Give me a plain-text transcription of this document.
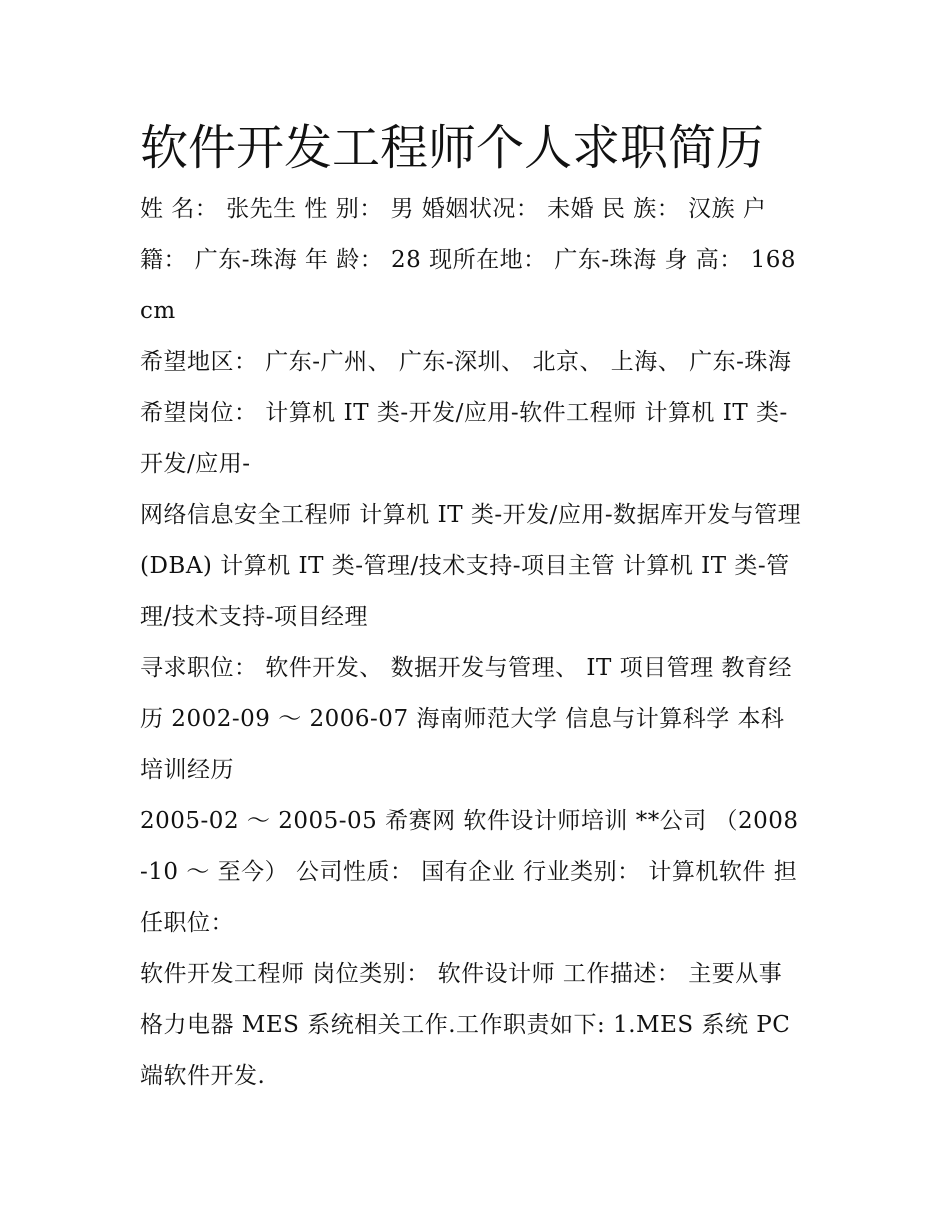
软件开发工程师个人求职简历

姓 名： 张先生 性 别： 男 婚姻状况： 未婚 民 族： 汉族 户籍： 广东-珠海 年 龄： 28 现所在地： 广东-珠海 身 高： 168cm

希望地区： 广东-广州、 广东-深圳、 北京、 上海、 广东-珠海 希望岗位： 计算机 IT 类-开发/应用-软件工程师 计算机 IT 类-开发/应用-

网络信息安全工程师 计算机 IT 类-开发/应用-数据库开发与管理(DBA) 计算机 IT 类-管理/技术支持-项目主管 计算机 IT 类-管理/技术支持-项目经理

寻求职位： 软件开发、 数据开发与管理、 IT 项目管理 教育经历 2002-09 ～ 2006-07 海南师范大学 信息与计算科学 本科 培训经历

2005-02 ～ 2005-05 希赛网 软件设计师培训 **公司 （2008-10 ～ 至今） 公司性质： 国有企业 行业类别： 计算机软件 担任职位：

软件开发工程师 岗位类别： 软件设计师 工作描述： 主要从事格力电器 MES 系统相关工作.工作职责如下: 1.MES 系统 PC 端软件开发.
